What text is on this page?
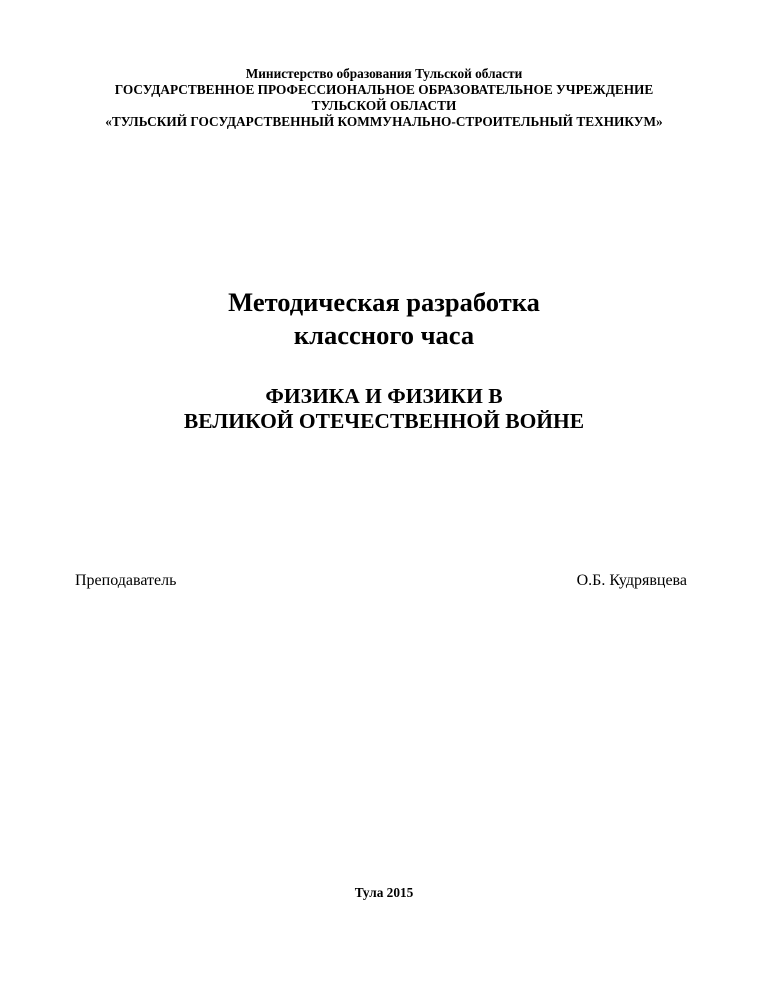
Министерство образования Тульской области
ГОСУДАРСТВЕННОЕ ПРОФЕССИОНАЛЬНОЕ ОБРАЗОВАТЕЛЬНОЕ УЧРЕЖДЕНИЕ
ТУЛЬСКОЙ ОБЛАСТИ
«ТУЛЬСКИЙ ГОСУДАРСТВЕННЫЙ КОММУНАЛЬНО-СТРОИТЕЛЬНЫЙ ТЕХНИКУМ»
Методическая разработка
классного часа
ФИЗИКА И ФИЗИКИ В
ВЕЛИКОЙ ОТЕЧЕСТВЕННОЙ ВОЙНЕ
Преподаватель	О.Б. Кудрявцева
Тула 2015
